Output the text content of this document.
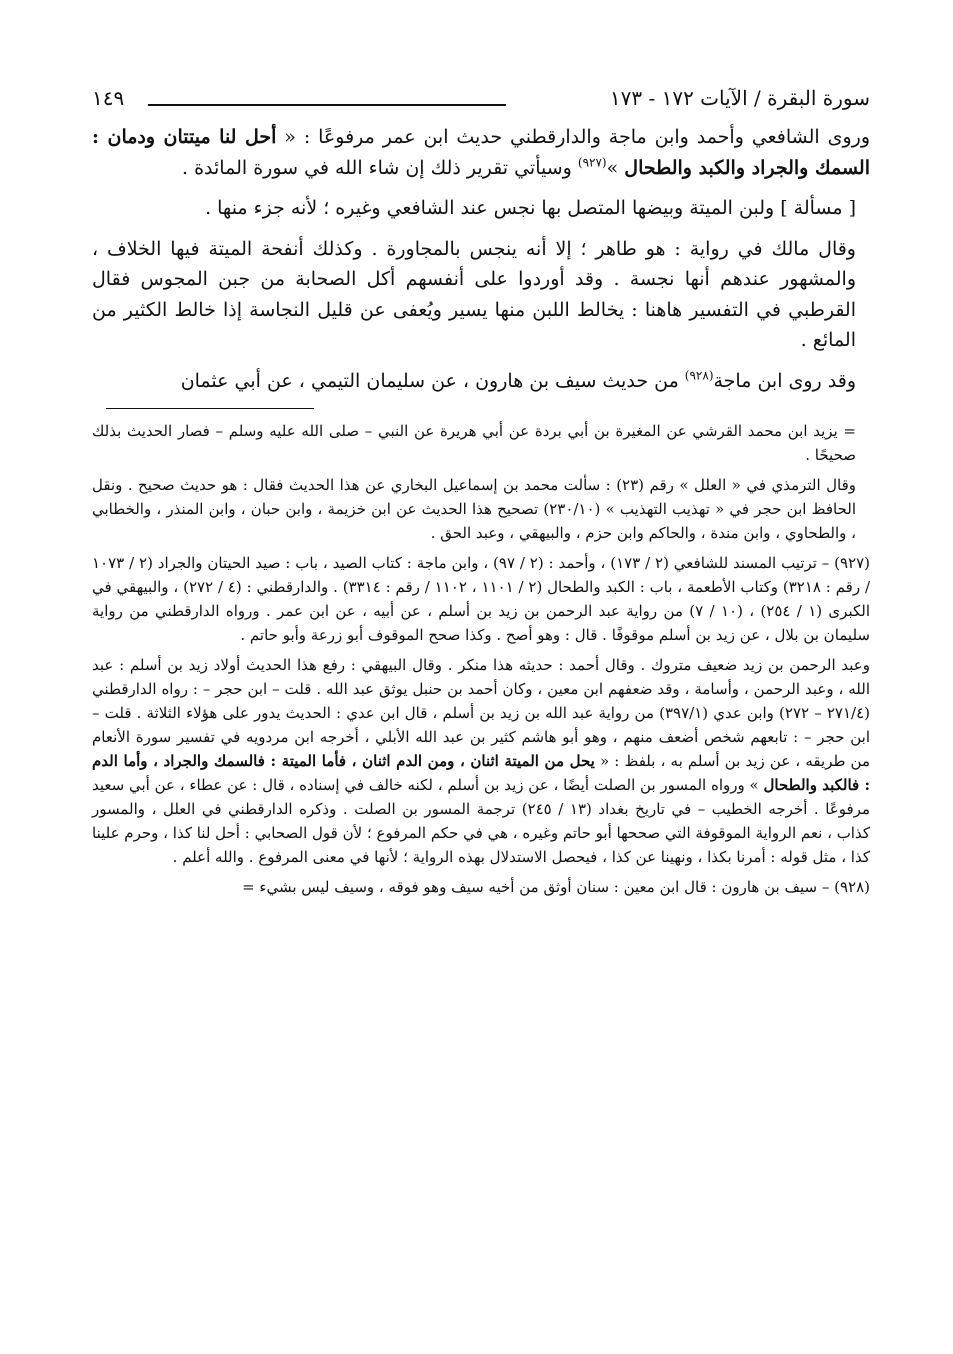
سورة البقرة / الآيات ١٧٢ - ١٧٣
١٤٩

وروى الشافعي وأحمد وابن ماجة والدارقطني حديث ابن عمر مرفوعًا : « أحل لنا ميتتان ودمان : السمك والجراد والكبد والطحال »$^{(٩٢٧)}$ وسيأتي تقرير ذلك إن شاء الله في سورة المائدة .

[ مسألة ] ولبن الميتة وبيضها المتصل بها نجس عند الشافعي وغيره ؛ لأنه جزء منها .

وقال مالك في رواية : هو طاهر ؛ إلا أنه ينجس بالمجاورة . وكذلك أنفحة الميتة فيها الخلاف ، والمشهور عندهم أنها نجسة . وقد أوردوا على أنفسهم أكل الصحابة من جبن المجوس فقال القرطبي في التفسير هاهنا : يخالط اللبن منها يسير ويُعفى عن قليل النجاسة إذا خالط الكثير من المائع .

وقد روى ابن ماجة$^{(٩٢٨)}$ من حديث سيف بن هارون ، عن سليمان التيمي ، عن أبي عثمان

= يزيد ابن محمد القرشي عن المغيرة بن أبي بردة عن أبي هريرة عن النبي – صلى الله عليه وسلم – فصار الحديث بذلك صحيحًا .

وقال الترمذي في « العلل » رقم (٢٣) : سألت محمد بن إسماعيل البخاري عن هذا الحديث فقال : هو حديث صحيح . ونقل الحافظ ابن حجر في « تهذيب التهذيب » (٢٣٠/١٠) تصحيح هذا الحديث عن ابن خزيمة ، وابن حبان ، وابن المنذر ، والخطابي ، والطحاوي ، وابن مندة ، والحاكم وابن حزم ، والبيهقي ، وعبد الحق .

(٩٢٧) – ترتيب المسند للشافعي (٢ / ١٧٣) ، وأحمد : (٢ / ٩٧) ، وابن ماجة : كتاب الصيد ، باب : صيد الحيتان والجراد (٢ / ١٠٧٣ / رقم : ٣٢١٨) وكتاب الأطعمة ، باب : الكبد والطحال (٢ / ١١٠١ ، ١١٠٢ / رقم : ٣٣١٤) . والدارقطني : (٤ / ٢٧٢) ، والبيهقي في الكبرى (١ / ٢٥٤) ، (١٠ / ٧) من رواية عبد الرحمن بن زيد بن أسلم ، عن أبيه ، عن ابن عمر . ورواه الدارقطني من رواية سليمان بن بلال ، عن زيد بن أسلم موقوفًا . قال : وهو أصح . وكذا صحح الموقوف أبو زرعة وأبو حاتم .

وعبد الرحمن بن زيد ضعيف متروك . وقال أحمد : حديثه هذا منكر . وقال البيهقي : رفع هذا الحديث أولاد زيد بن أسلم : عبد الله ، وعبد الرحمن ، وأسامة ، وقد ضعفهم ابن معين ، وكان أحمد بن حنبل يوثق عبد الله . قلت – ابن حجر – : رواه الدارقطني (٢٧١/٤ – ٢٧٢) وابن عدي (٣٩٧/١) من رواية عبد الله بن زيد بن أسلم ، قال ابن عدي : الحديث يدور على هؤلاء الثلاثة . قلت – ابن حجر – : تابعهم شخص أضعف منهم ، وهو أبو هاشم كثير بن عبد الله الأبلي ، أخرجه ابن مردويه في تفسير سورة الأنعام من طريقه ، عن زيد بن أسلم به ، بلفظ : « يحل من الميتة اثنان ، ومن الدم اثنان ، فأما الميتة : فالسمك والجراد ، وأما الدم : فالكبد والطحال » ورواه المسور بن الصلت أيضًا ، عن زيد بن أسلم ، لكنه خالف في إسناده ، قال : عن عطاء ، عن أبي سعيد مرفوعًا . أخرجه الخطيب – في تاريخ بغداد (١٣ / ٢٤٥) ترجمة المسور بن الصلت . وذكره الدارقطني في العلل ، والمسور كذاب ، نعم الرواية الموقوفة التي صححها أبو حاتم وغيره ، هي في حكم المرفوع ؛ لأن قول الصحابي : أحل لنا كذا ، وحرم علينا كذا ، مثل قوله : أمرنا بكذا ، ونهينا عن كذا ، فيحصل الاستدلال بهذه الرواية ؛ لأنها في معنى المرفوع . والله أعلم .

(٩٢٨) – سيف بن هارون : قال ابن معين : سنان أوثق من أخيه سيف وهو فوقه ، وسيف ليس بشيء =
